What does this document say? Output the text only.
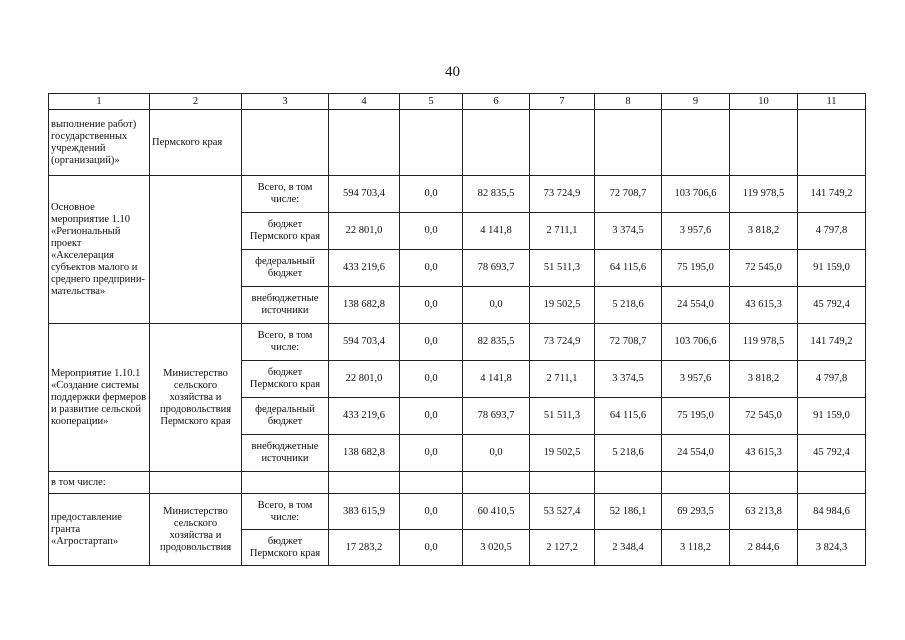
40
1	2	3	4	5	6	7	8	9	10	11
выполнение работ) государственных учреждений (организаций)»	Пермского края									
Основное мероприятие 1.10 «Региональный проект «Акселерация субъектов малого и среднего предприни-мательства»		Всего, в том числе:	594 703,4	0,0	82 835,5	73 724,9	72 708,7	103 706,6	119 978,5	141 749,2
		бюджет Пермского края	22 801,0	0,0	4 141,8	2 711,1	3 374,5	3 957,6	3 818,2	4 797,8
		федеральный бюджет	433 219,6	0,0	78 693,7	51 511,3	64 115,6	75 195,0	72 545,0	91 159,0
		внебюджетные источники	138 682,8	0,0	0,0	19 502,5	5 218,6	24 554,0	43 615,3	45 792,4
Мероприятие 1.10.1 «Создание системы поддержки фермеров и развитие сельской кооперации»	Министерство сельского хозяйства и продовольствия Пермского края	Всего, в том числе:	594 703,4	0,0	82 835,5	73 724,9	72 708,7	103 706,6	119 978,5	141 749,2
		бюджет Пермского края	22 801,0	0,0	4 141,8	2 711,1	3 374,5	3 957,6	3 818,2	4 797,8
		федеральный бюджет	433 219,6	0,0	78 693,7	51 511,3	64 115,6	75 195,0	72 545,0	91 159,0
		внебюджетные источники	138 682,8	0,0	0,0	19 502,5	5 218,6	24 554,0	43 615,3	45 792,4
в том числе:										
предоставление гранта «Агростартап»	Министерство сельского хозяйства и продовольствия	Всего, в том числе:	383 615,9	0,0	60 410,5	53 527,4	52 186,1	69 293,5	63 213,8	84 984,6
		бюджет Пермского края	17 283,2	0,0	3 020,5	2 127,2	2 348,4	3 118,2	2 844,6	3 824,3
